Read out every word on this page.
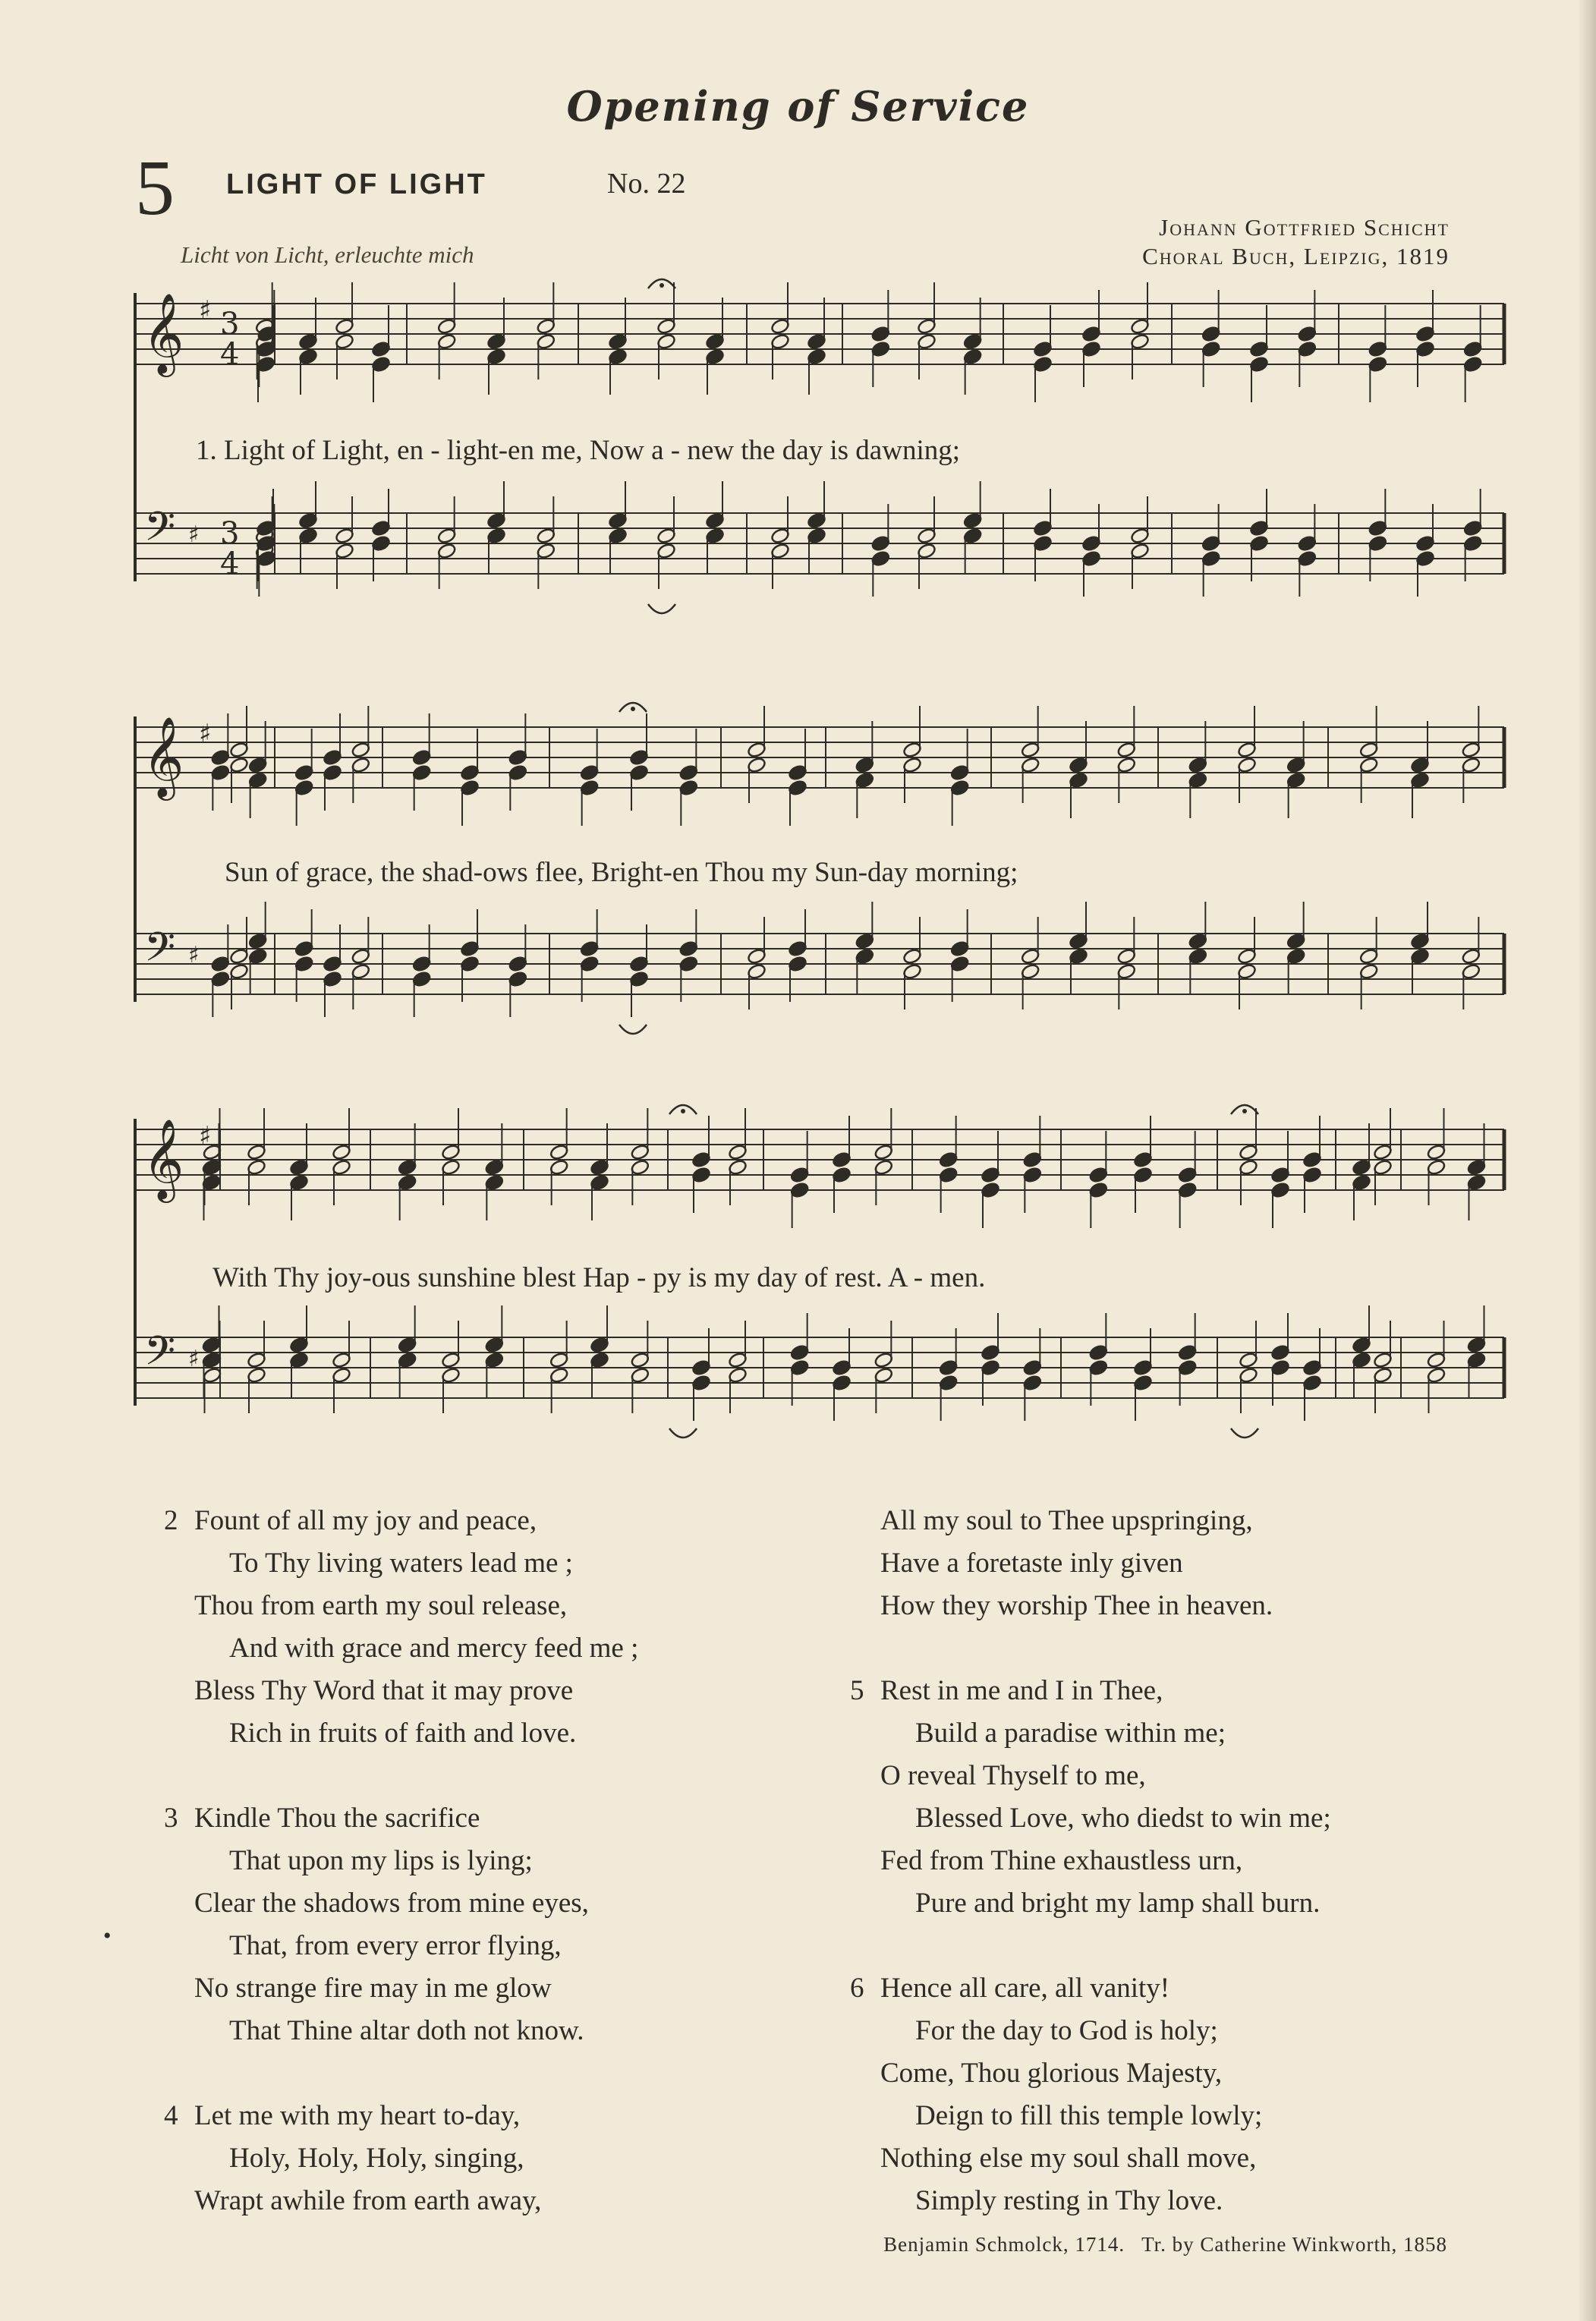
Opening of Service
5 LIGHT OF LIGHT	No. 22
Licht von Licht, erleuchte mich
Johann Gottfried Schicht
Choral Buch, Leipzig, 1819
𝄞
𝄢
♯
♯
3
4
3
4
𝄞
𝄢
♯
♯
𝄞
𝄢
♯
♯
1. Light of Light, en - light-en me, Now a - new the day is dawning;
Sun of grace, the shad-ows flee, Bright-en Thou my Sun-day morning;
With Thy joy-ous sunshine blest Hap - py is my day of rest. A - men.
2 Fount of all my joy and peace,
To Thy living waters lead me ;
Thou from earth my soul release,
And with grace and mercy feed me ;
Bless Thy Word that it may prove
Rich in fruits of faith and love.
3 Kindle Thou the sacrifice
That upon my lips is lying;
Clear the shadows from mine eyes,
That, from every error flying,
No strange fire may in me glow
That Thine altar doth not know.
4 Let me with my heart to-day,
Holy, Holy, Holy, singing,
Wrapt awhile from earth away,
All my soul to Thee upspringing,
Have a foretaste inly given
How they worship Thee in heaven.
5 Rest in me and I in Thee,
Build a paradise within me;
O reveal Thyself to me,
Blessed Love, who diedst to win me;
Fed from Thine exhaustless urn,
Pure and bright my lamp shall burn.
6 Hence all care, all vanity!
For the day to God is holy;
Come, Thou glorious Majesty,
Deign to fill this temple lowly;
Nothing else my soul shall move,
Simply resting in Thy love.
Benjamin Schmolck, 1714. Tr. by Catherine Winkworth, 1858
•
